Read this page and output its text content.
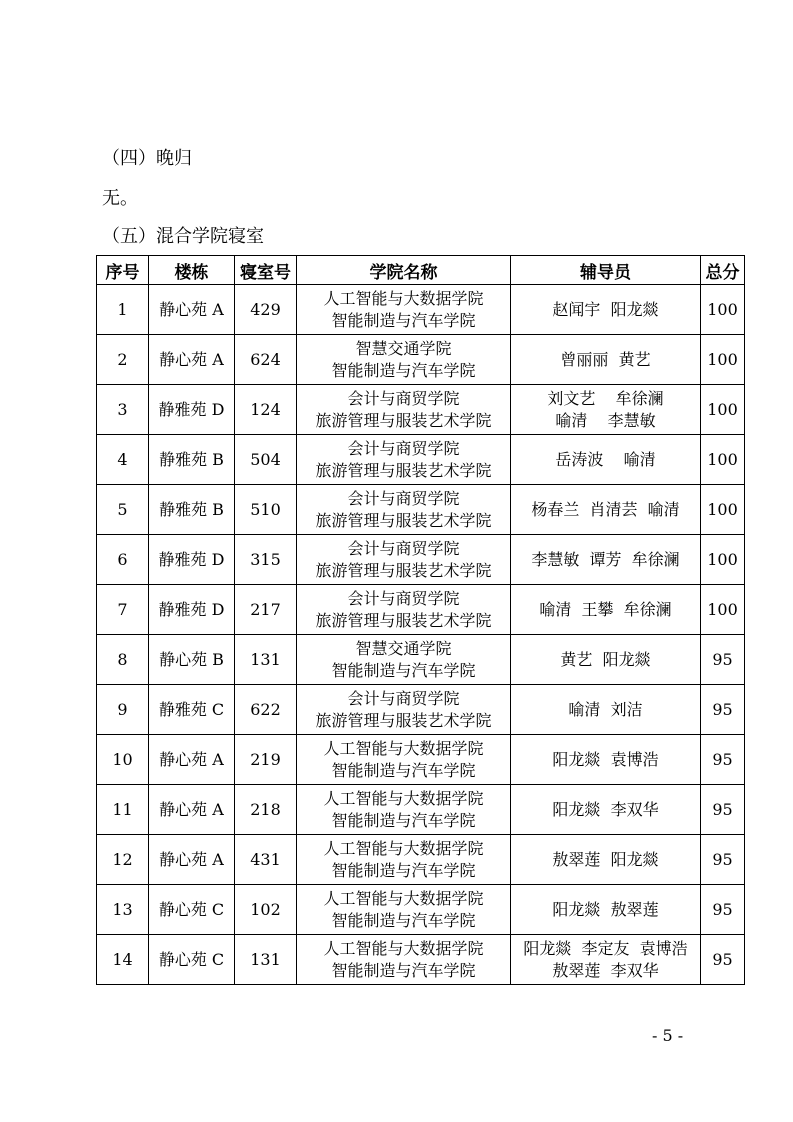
（四）晚归
无。
（五）混合学院寝室
序号	楼栋	寝室号	学院名称	辅导员	总分
1	静心苑 A	429	人工智能与大数据学院
智能制造与汽车学院	赵闻宇  阳龙燚	100
2	静心苑 A	624	智慧交通学院
智能制造与汽车学院	曾丽丽  黄艺	100
3	静雅苑 D	124	会计与商贸学院
旅游管理与服装艺术学院	刘文艺    牟徐澜
喻清    李慧敏	100
4	静雅苑 B	504	会计与商贸学院
旅游管理与服装艺术学院	岳涛波    喻清	100
5	静雅苑 B	510	会计与商贸学院
旅游管理与服装艺术学院	杨春兰  肖清芸  喻清	100
6	静雅苑 D	315	会计与商贸学院
旅游管理与服装艺术学院	李慧敏  谭芳  牟徐澜	100
7	静雅苑 D	217	会计与商贸学院
旅游管理与服装艺术学院	喻清  王攀  牟徐澜	100
8	静心苑 B	131	智慧交通学院
智能制造与汽车学院	黄艺  阳龙燚	95
9	静雅苑 C	622	会计与商贸学院
旅游管理与服装艺术学院	喻清  刘洁	95
10	静心苑 A	219	人工智能与大数据学院
智能制造与汽车学院	阳龙燚  袁博浩	95
11	静心苑 A	218	人工智能与大数据学院
智能制造与汽车学院	阳龙燚  李双华	95
12	静心苑 A	431	人工智能与大数据学院
智能制造与汽车学院	敖翠莲  阳龙燚	95
13	静心苑 C	102	人工智能与大数据学院
智能制造与汽车学院	阳龙燚  敖翠莲	95
14	静心苑 C	131	人工智能与大数据学院
智能制造与汽车学院	阳龙燚  李定友  袁博浩
敖翠莲  李双华	95
- 5 -
